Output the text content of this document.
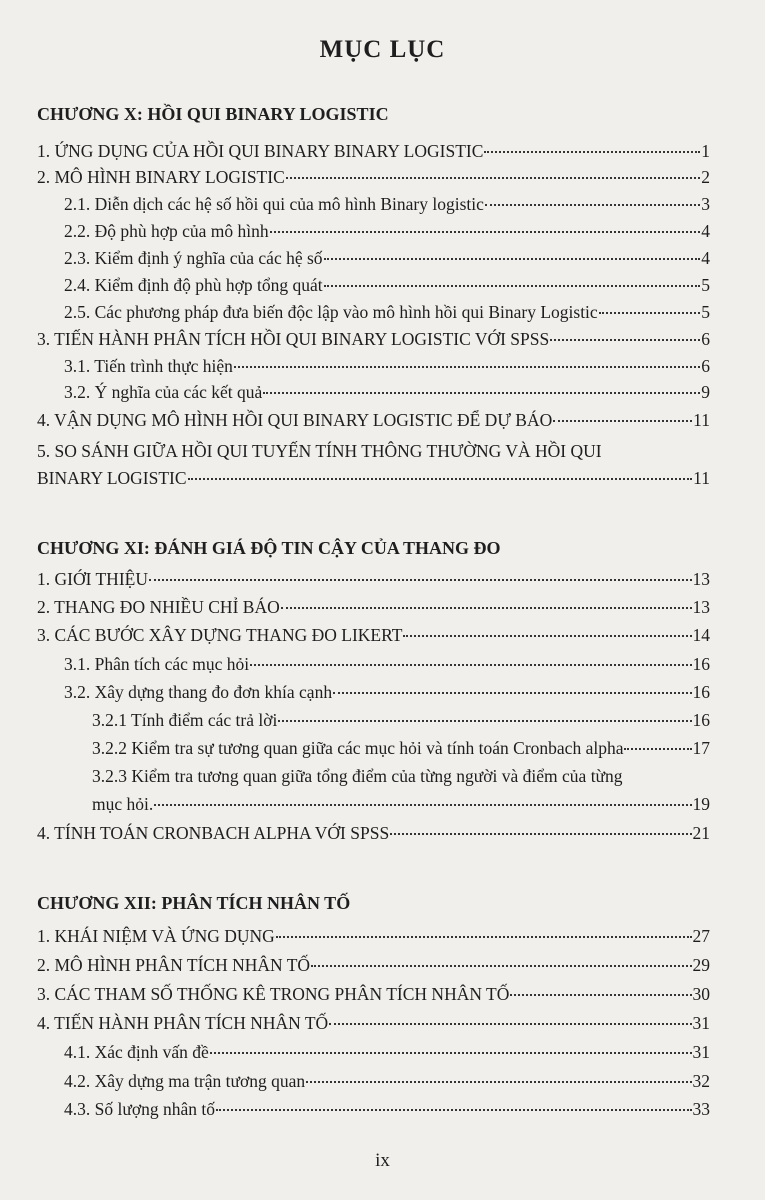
MỤC LỤC
CHƯƠNG X: HỒI QUI BINARY LOGISTIC
1. ỨNG DỤNG CỦA HỒI QUI BINARY BINARY LOGISTIC	1
2. MÔ HÌNH BINARY LOGISTIC	2
2.1. Diễn dịch các hệ số hồi qui của mô hình Binary logistic	3
2.2. Độ phù hợp của mô hình	4
2.3. Kiểm định ý nghĩa của các hệ số	4
2.4. Kiểm định độ phù hợp tổng quát	5
2.5. Các phương pháp đưa biến độc lập vào mô hình hồi qui Binary Logistic	5
3. TIẾN HÀNH PHÂN TÍCH HỒI QUI BINARY LOGISTIC VỚI SPSS	6
3.1. Tiến trình thực hiện	6
3.2. Ý nghĩa của các kết quả	9
4. VẬN DỤNG MÔ HÌNH HỒI QUI BINARY LOGISTIC ĐỂ DỰ BÁO	11
5. SO SÁNH GIỮA HỒI QUI TUYẾN TÍNH THÔNG THƯỜNG VÀ HỒI QUI
BINARY LOGISTIC	11
CHƯƠNG XI: ĐÁNH GIÁ ĐỘ TIN CẬY CỦA THANG ĐO
1. GIỚI THIỆU	13
2. THANG ĐO NHIỀU CHỈ BÁO	13
3. CÁC BƯỚC XÂY DỰNG THANG ĐO LIKERT	14
3.1. Phân tích các mục hỏi	16
3.2. Xây dựng thang đo đơn khía cạnh	16
3.2.1 Tính điểm các trả lời	16
3.2.2 Kiểm tra sự tương quan giữa các mục hỏi và tính toán Cronbach alpha	17
3.2.3 Kiểm tra tương quan giữa tổng điểm của từng người và điểm của từng
mục hỏi.	19
4. TÍNH TOÁN CRONBACH ALPHA VỚI SPSS	21
CHƯƠNG XII: PHÂN TÍCH NHÂN TỐ
1. KHÁI NIỆM VÀ ỨNG DỤNG	27
2. MÔ HÌNH PHÂN TÍCH NHÂN TỐ	29
3. CÁC THAM SỐ THỐNG KÊ TRONG PHÂN TÍCH NHÂN TỐ	30
4. TIẾN HÀNH PHÂN TÍCH NHÂN TỐ	31
4.1. Xác định vấn đề	31
4.2. Xây dựng ma trận tương quan	32
4.3. Số lượng nhân tố	33
ix
